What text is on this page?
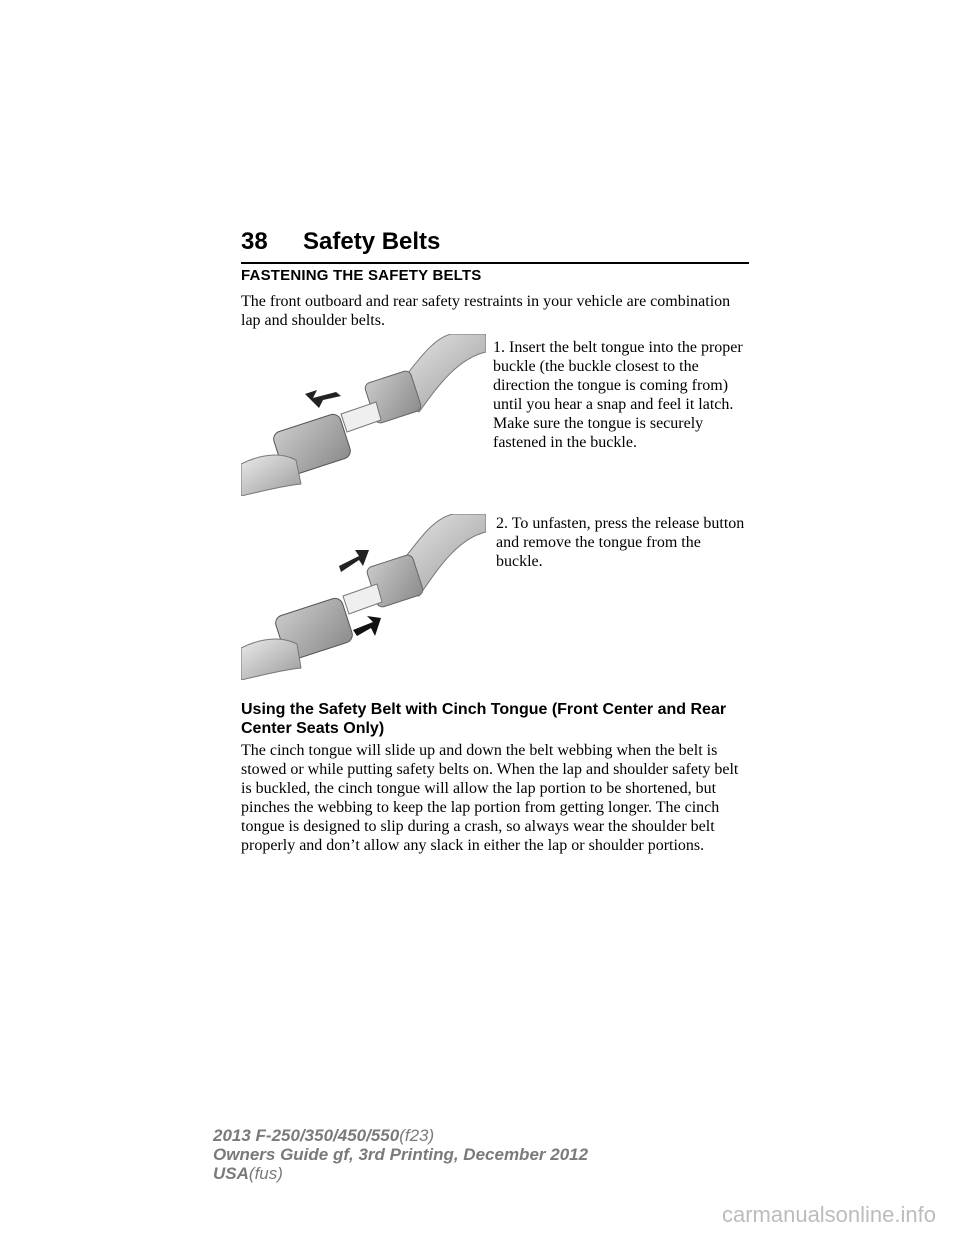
38 Safety Belts
FASTENING THE SAFETY BELTS
The front outboard and rear safety restraints in your vehicle are combination lap and shoulder belts.
1. Insert the belt tongue into the proper buckle (the buckle closest to the direction the tongue is coming from) until you hear a snap and feel it latch. Make sure the tongue is securely fastened in the buckle.
2. To unfasten, press the release button and remove the tongue from the buckle.
Using the Safety Belt with Cinch Tongue (Front Center and Rear Center Seats Only)
The cinch tongue will slide up and down the belt webbing when the belt is stowed or while putting safety belts on. When the lap and shoulder safety belt is buckled, the cinch tongue will allow the lap portion to be shortened, but pinches the webbing to keep the lap portion from getting longer. The cinch tongue is designed to slip during a crash, so always wear the shoulder belt properly and don’t allow any slack in either the lap or shoulder portions.
2013 F-250/350/450/550(f23)
Owners Guide gf, 3rd Printing, December 2012
USA(fus)
carmanualsonline.info
